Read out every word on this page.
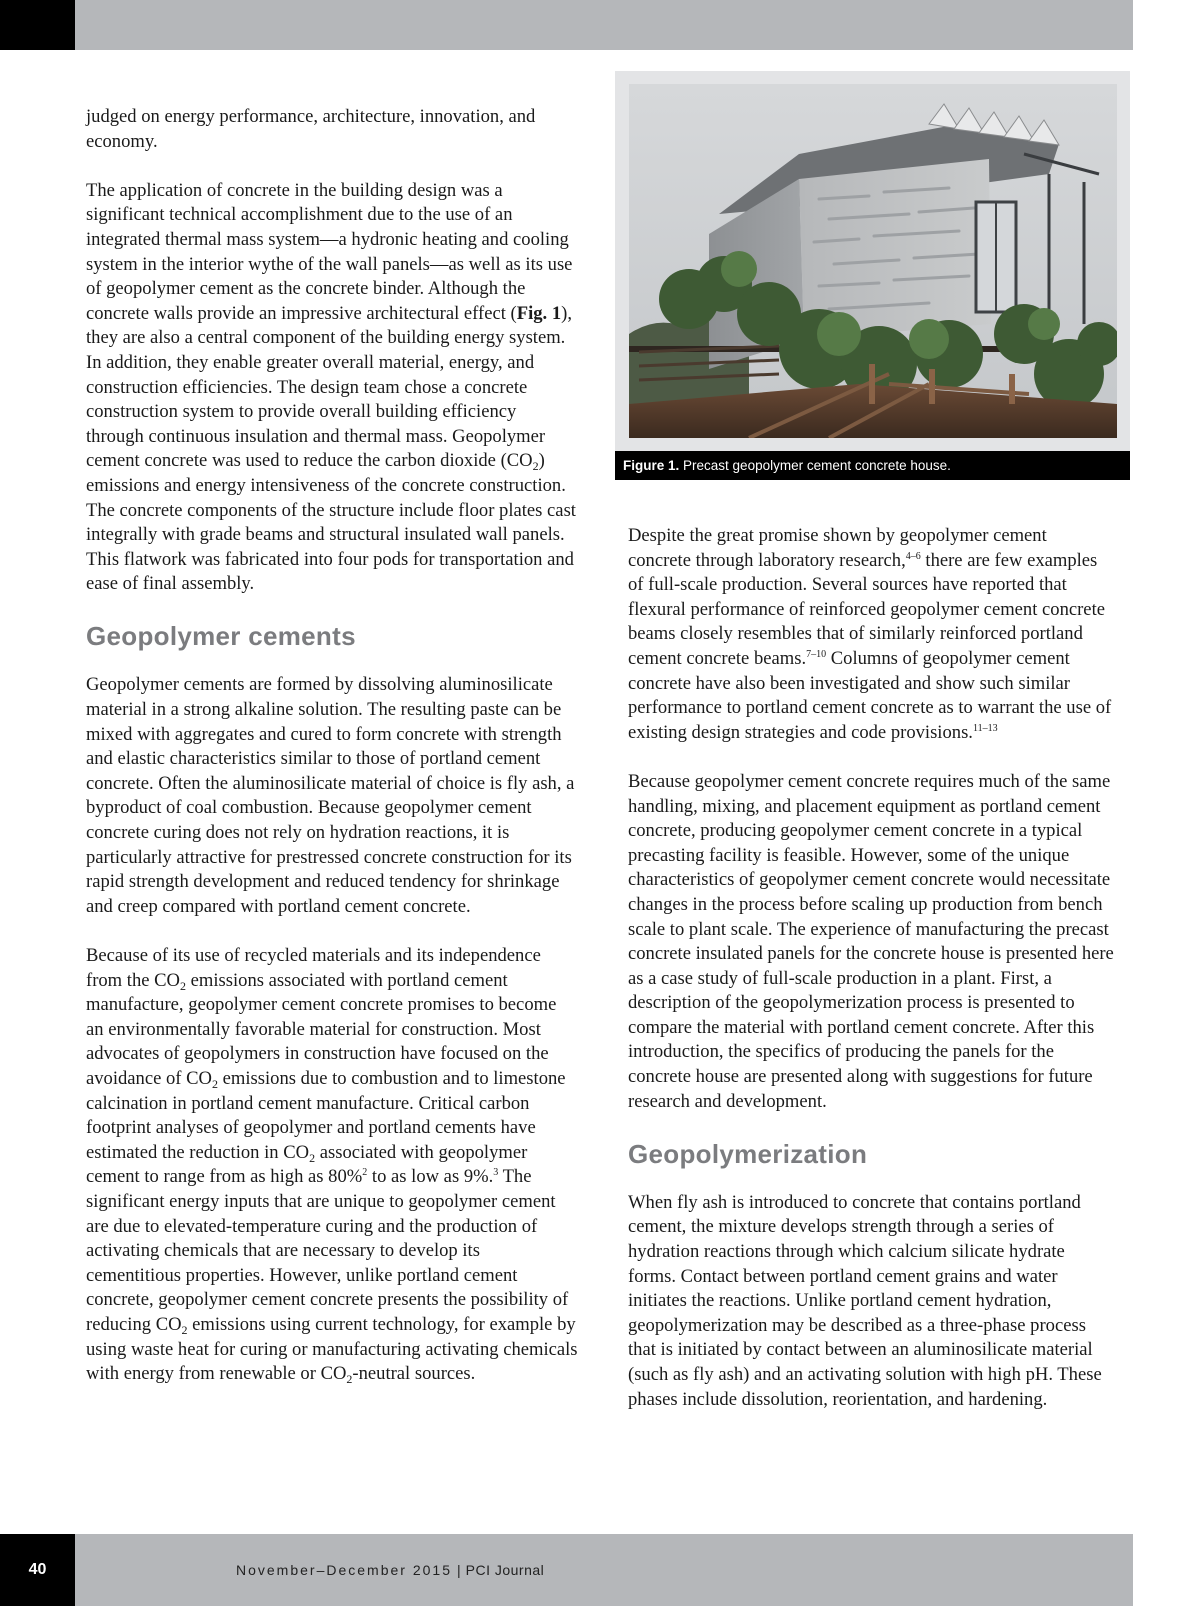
judged on energy performance, architecture, innovation, and economy.

The application of concrete in the building design was a significant technical accomplishment due to the use of an integrated thermal mass system—a hydronic heating and cooling system in the interior wythe of the wall panels—as well as its use of geopolymer cement as the concrete binder. Although the concrete walls provide an impressive architectural effect (Fig. 1), they are also a central component of the building energy system. In addition, they enable greater overall material, energy, and construction efficiencies. The design team chose a concrete construction system to provide overall building efficiency through continuous insulation and thermal mass. Geopolymer cement concrete was used to reduce the carbon dioxide $(CO_2)$ emissions and energy intensiveness of the concrete construction. The concrete components of the structure include floor plates cast integrally with grade beams and structural insulated wall panels. This flatwork was fabricated into four pods for transportation and ease of final assembly.

Geopolymer cements

Geopolymer cements are formed by dissolving aluminosilicate material in a strong alkaline solution. The resulting paste can be mixed with aggregates and cured to form concrete with strength and elastic characteristics similar to those of portland cement concrete. Often the aluminosilicate material of choice is fly ash, a byproduct of coal combustion. Because geopolymer cement concrete curing does not rely on hydration reactions, it is particularly attractive for prestressed concrete construction for its rapid strength development and reduced tendency for shrinkage and creep compared with portland cement concrete.

Because of its use of recycled materials and its independence from the $CO_2$ emissions associated with portland cement manufacture, geopolymer cement concrete promises to become an environmentally favorable material for construction. Most advocates of geopolymers in construction have focused on the avoidance of $CO_2$ emissions due to combustion and to limestone calcination in portland cement manufacture. Critical carbon footprint analyses of geopolymer and portland cements have estimated the reduction in $CO_2$ associated with geopolymer cement to range from as high as 80%$^2$ to as low as 9%.$^3$ The significant energy inputs that are unique to geopolymer cement are due to elevated-temperature curing and the production of activating chemicals that are necessary to develop its cementitious properties. However, unlike portland cement concrete, geopolymer cement concrete presents the possibility of reducing $CO_2$ emissions using current technology, for example by using waste heat for curing or manufacturing activating chemicals with energy from renewable or $CO_2$-neutral sources.

Figure 1. Precast geopolymer cement concrete house.

Despite the great promise shown by geopolymer cement concrete through laboratory research,$^{4-6}$ there are few examples of full-scale production. Several sources have reported that flexural performance of reinforced geopolymer cement concrete beams closely resembles that of similarly reinforced portland cement concrete beams.$^{7-10}$ Columns of geopolymer cement concrete have also been investigated and show such similar performance to portland cement concrete as to warrant the use of existing design strategies and code provisions.$^{11-13}$

Because geopolymer cement concrete requires much of the same handling, mixing, and placement equipment as portland cement concrete, producing geopolymer cement concrete in a typical precasting facility is feasible. However, some of the unique characteristics of geopolymer cement concrete would necessitate changes in the process before scaling up production from bench scale to plant scale. The experience of manufacturing the precast concrete insulated panels for the concrete house is presented here as a case study of full-scale production in a plant. First, a description of the geopolymerization process is presented to compare the material with portland cement concrete. After this introduction, the specifics of producing the panels for the concrete house are presented along with suggestions for future research and development.

Geopolymerization

When fly ash is introduced to concrete that contains portland cement, the mixture develops strength through a series of hydration reactions through which calcium silicate hydrate forms. Contact between portland cement grains and water initiates the reactions. Unlike portland cement hydration, geopolymerization may be described as a three-phase process that is initiated by contact between an aluminosilicate material (such as fly ash) and an activating solution with high pH. These phases include dissolution, reorientation, and hardening.

40	November–December 2015 | PCI Journal
